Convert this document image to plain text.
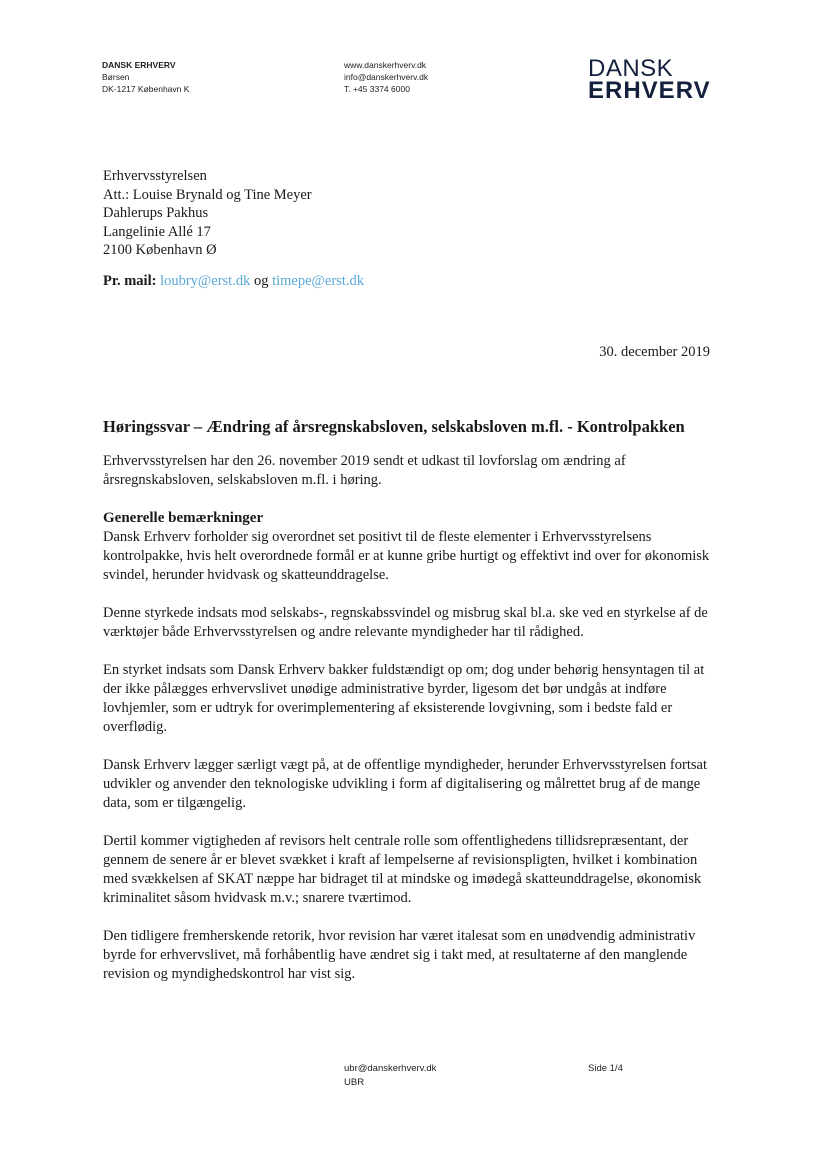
DANSK ERHVERV
Børsen
DK-1217 København K
www.danskerhverv.dk
info@danskerhverv.dk
T. +45 3374 6000
DANSK
ERHVERV
Erhvervsstyrelsen
Att.: Louise Brynald og Tine Meyer
Dahlerups Pakhus
Langelinie Allé 17
2100 København Ø
Pr. mail: loubry@erst.dk og timepe@erst.dk
30. december 2019
Høringssvar – Ændring af årsregnskabsloven, selskabsloven m.fl. - Kontrolpakken
Erhvervsstyrelsen har den 26. november 2019 sendt et udkast til lovforslag om ændring af årsregnskabsloven, selskabsloven m.fl. i høring.
Generelle bemærkninger
Dansk Erhverv forholder sig overordnet set positivt til de fleste elementer i Erhvervsstyrelsens kontrolpakke, hvis helt overordnede formål er at kunne gribe hurtigt og effektivt ind over for økonomisk svindel, herunder hvidvask og skatteunddragelse.
Denne styrkede indsats mod selskabs-, regnskabssvindel og misbrug skal bl.a. ske ved en styrkelse af de værktøjer både Erhvervsstyrelsen og andre relevante myndigheder har til rådighed.
En styrket indsats som Dansk Erhverv bakker fuldstændigt op om; dog under behørig hensyntagen til at der ikke pålægges erhvervslivet unødige administrative byrder, ligesom det bør undgås at indføre lovhjemler, som er udtryk for overimplementering af eksisterende lovgivning, som i bedste fald er overflødig.
Dansk Erhverv lægger særligt vægt på, at de offentlige myndigheder, herunder Erhvervsstyrelsen fortsat udvikler og anvender den teknologiske udvikling i form af digitalisering og målrettet brug af de mange data, som er tilgængelig.
Dertil kommer vigtigheden af revisors helt centrale rolle som offentlighedens tillidsrepræsentant, der gennem de senere år er blevet svækket i kraft af lempelserne af revisionspligten, hvilket i kombination med svækkelsen af SKAT næppe har bidraget til at mindske og imødegå skatteunddragelse, økonomisk kriminalitet såsom hvidvask m.v.; snarere tværtimod.
Den tidligere fremherskende retorik, hvor revision har været italesat som en unødvendig administrativ byrde for erhvervslivet, må forhåbentlig have ændret sig i takt med, at resultaterne af den manglende revision og myndighedskontrol har vist sig.
ubr@danskerhverv.dk
UBR
Side 1/4
